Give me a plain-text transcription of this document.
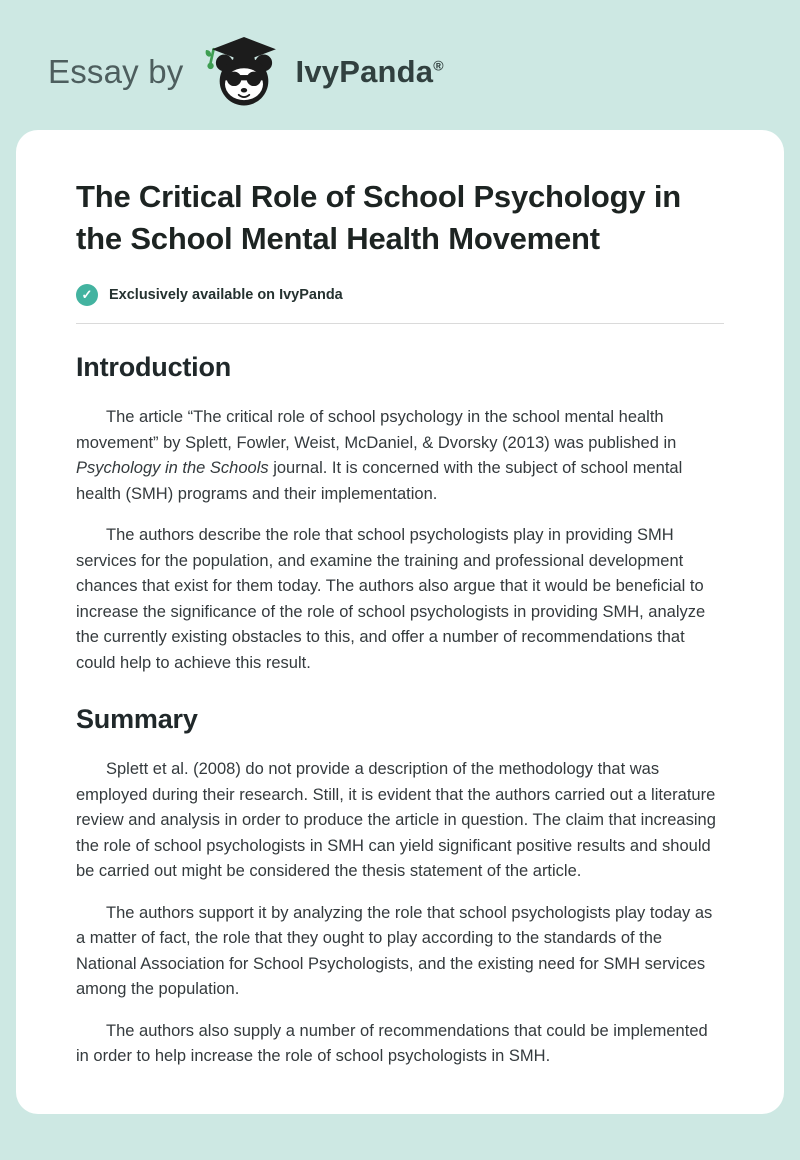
Essay by	IvyPanda®
The Critical Role of School Psychology in the School Mental Health Movement
✓	Exclusively available on IvyPanda
Introduction

The article “The critical role of school psychology in the school mental health movement” by Splett, Fowler, Weist, McDaniel, & Dvorsky (2013) was published in Psychology in the Schools journal. It is concerned with the subject of school mental health (SMH) programs and their implementation.

The authors describe the role that school psychologists play in providing SMH services for the population, and examine the training and professional development chances that exist for them today. The authors also argue that it would be beneficial to increase the significance of the role of school psychologists in providing SMH, analyze the currently existing obstacles to this, and offer a number of recommendations that could help to achieve this result.

Summary

Splett et al. (2008) do not provide a description of the methodology that was employed during their research. Still, it is evident that the authors carried out a literature review and analysis in order to produce the article in question. The claim that increasing the role of school psychologists in SMH can yield significant positive results and should be carried out might be considered the thesis statement of the article.

The authors support it by analyzing the role that school psychologists play today as a matter of fact, the role that they ought to play according to the standards of the National Association for School Psychologists, and the existing need for SMH services among the population.

The authors also supply a number of recommendations that could be implemented in order to help increase the role of school psychologists in SMH.
